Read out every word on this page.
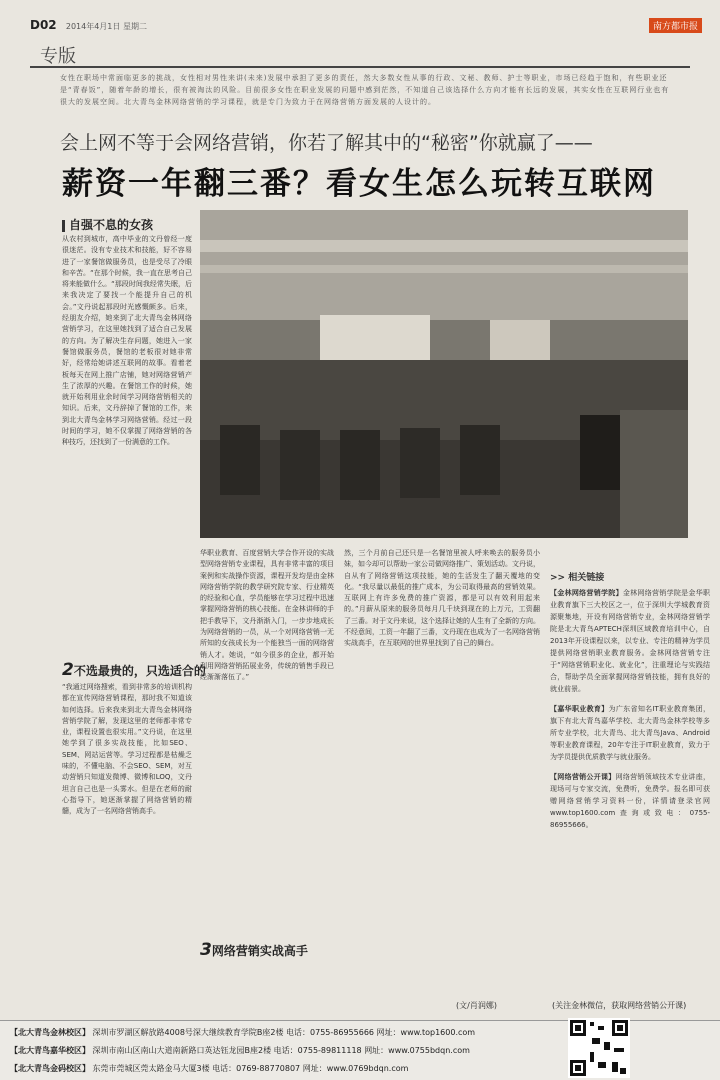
D02 2014年4月1日 星期二	南方都市报
专版
女性在职场中常面临更多的挑战，女性相对男性来讲(未来)发展中承担了更多的责任，然大多数女性从事的行政、文秘、教师、护士等职业，市场已经趋于饱和，有些职业还是“青春饭”，随着年龄的增长，很有被淘汰的风险。目前很多女性在职业发展的问题中感到茫然，不知道自己该选择什么方向才能有长远的发展，其实女性在互联网行业也有很大的发展空间。北大青鸟金林网络营销的学习课程，就是专门为致力于在网络营销方面发展的人设计的。
会上网不等于会网络营销，你若了解其中的“秘密”你就赢了——
薪资一年翻三番？看女生怎么玩转互联网
自强不息的女孩
从农村到城市，高中毕业的文丹曾经一度很迷茫。没有专业技术和技能，好不容易进了一家餐馆做服务员，也是受尽了冷眼和辛苦。“在那个时候，我一直在思考自己将来能做什么。“那段时间我经常失眠，后来我决定了要找一个能提升自己的机会。”文丹说起那段时光感慨颇多。后来，经朋友介绍，她来到了北大青鸟金林网络营销学习，在这里她找到了适合自己发展的方向。为了解决生存问题，她进入一家餐馆做服务员，餐馆的老板很对她非常好，经常给她讲述互联网的故事。看着老板每天在网上推广店铺，她对网络营销产生了浓厚的兴趣。在餐馆工作的时候，她就开始利用业余时间学习网络营销相关的知识。后来，文丹辞掉了餐馆的工作，来到北大青鸟金林学习网络营销。经过一段时间的学习，她不仅掌握了网络营销的各种技巧，还找到了一份满意的工作。
2不选最贵的，只选适合的
“我通过网络搜索，看到非常多的培训机构都在宣传网络营销课程，那时我不知道该如何选择。后来我来到北大青鸟金林网络营销学院了解，发现这里的老师都非常专业，课程设置也很实用。”文丹说，在这里她学到了很多实战技能，比如SEO、SEM、网站运营等。学习过程都是枯燥乏味的，不懂电脑、不会SEO、SEM，对互动营销只知道发微博、微博和LOQ，文丹坦言自己也是一头雾水。但是在老师的耐心指导下，她逐渐掌握了网络营销的精髓，成为了一名网络营销高手。
华职业教育、百度营销大学合作开设的实战型网络营销专业课程，具有非常丰富的项目案例和实战操作资源，课程开发均是由金林网络营销学院的教学研究院专家、行业精英的经验和心血，学员能够在学习过程中迅速掌握网络营销的核心技能。在金林讲师的手把手教导下，文丹渐渐入门，一步步地成长为网络营销的一员，从一个对网络营销一无所知的女孩成长为一个能独当一面的网络营销人才。她说，“如今很多的企业，都开始利用网络营销拓展业务，传统的销售手段已经渐渐落伍了。”
3网络营销实战高手
然，三个月前自己还只是一名餐馆里被人呼来唤去的服务员小妹，如今却可以帮助一家公司做网络推广、策划活动。文丹说，自从有了网络营销这项技能，她的生活发生了翻天覆地的变化。“我尽量以最低的推广成本，为公司取得最高的营销效果。互联网上有许多免费的推广资源，都是可以有效利用起来的。”月薪从原来的服务员每月几千块到现在的上万元，工资翻了三番。对于文丹来说，这个选择让她的人生有了全新的方向。不经意间，工资一年翻了三番，文丹现在也成为了一名网络营销实战高手，在互联网的世界里找到了自己的舞台。
(文/肖润娜)
>> 相关链接
【金林网络营销学院】金林网络营销学院是金华职业教育旗下三大校区之一，位于深圳大学城教育资源聚集地，开设有网络营销专业，金林网络营销学院是北大青鸟APTECH深圳区域教育培训中心，自2013年开设课程以来，以专业、专注的精神为学员提供网络营销职业教育服务。金林网络营销专注于“网络营销职业化、就业化”，注重理论与实践结合，帮助学员全面掌握网络营销技能，拥有良好的就业前景。
【嘉华职业教育】为广东省知名IT职业教育集团，旗下有北大青鸟嘉华学校、北大青鸟金林学校等多所专业学校，北大青鸟、北大青鸟Java、Android等职业教育课程，20年专注于IT职业教育，致力于为学员提供优质教学与就业服务。
【网络营销公开课】网络营销领域技术专业讲座，现场可与专家交流，免费听，免费学。报名即可获赠网络营销学习资料一份，详情请登录官网www.top1600.com查询或致电：0755-86955666。
(关注金林微信，获取网络营销公开课)
【北大青鸟金林校区】 深圳市罗湖区解放路4008号深大继续教育学院B座2楼 电话：0755-86955666 网址：www.top1600.com
【北大青鸟嘉华校区】 深圳市南山区南山大道南新路口英达钰龙园B座2楼 电话：0755-89811118 网址：www.0755bdqn.com
【北大青鸟金码校区】 东莞市莞城区莞太路金马大厦3楼 电话：0769-88770807 网址：www.0769bdqn.com
